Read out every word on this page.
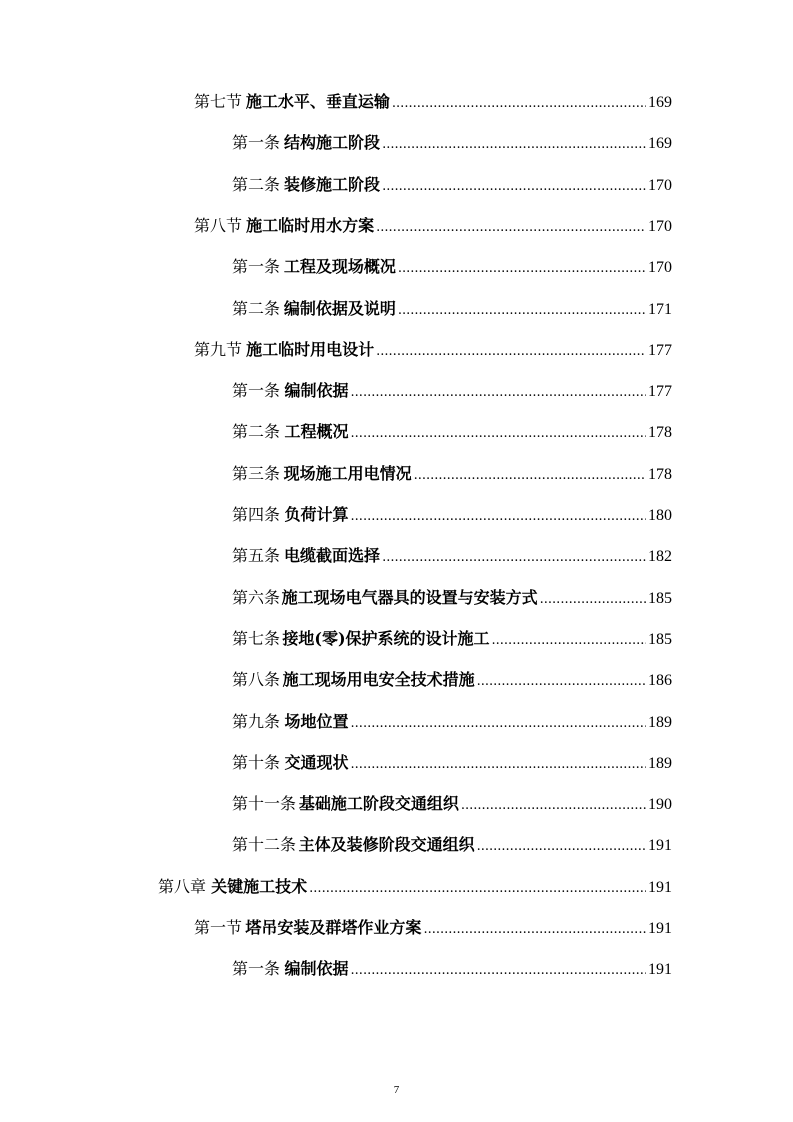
第七节 施工水平、垂直运输 .....	169
第一条 结构施工阶段 .....	169
第二条 装修施工阶段 .....	170
第八节 施工临时用水方案 .....	170
第一条 工程及现场概况 .....	170
第二条 编制依据及说明 .....	171
第九节 施工临时用电设计 .....	177
第一条 编制依据 .....	177
第二条 工程概况 .....	178
第三条 现场施工用电情况 .....	178
第四条 负荷计算 .....	180
第五条 电缆截面选择 .....	182
第六条 施工现场电气器具的设置与安装方式 .....	185
第七条 接地(零)保护系统的设计施工 .....	185
第八条 施工现场用电安全技术措施 .....	186
第九条 场地位置 .....	189
第十条 交通现状 .....	189
第十一条 基础施工阶段交通组织 .....	190
第十二条 主体及装修阶段交通组织 .....	191
第八章 关键施工技术 .....	191
第一节 塔吊安装及群塔作业方案 .....	191
第一条 编制依据 .....	191
7
